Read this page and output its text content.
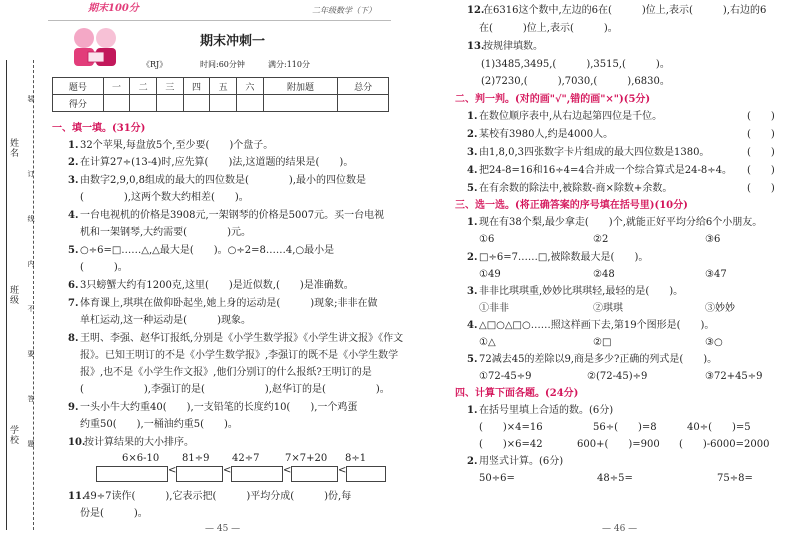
姓名
班级
学校
装
订
线
内
不
要
答
题
期末100分	二年级数学（下）
期末冲刺一
《RJ》	时间:60分钟	满分:110分
题号	一	二	三	四	五	六	附加题	总分
得分								
一、填一填。(31分)
1. 32个苹果,每盘放5个,至少要(　　)个盘子。
2. 在计算27÷(13-4)时,应先算(　　)法,这道题的结果是(　　)。
3. 由数字2,9,0,8组成的最大的四位数是(　　　　),最小的四位数是
(　　　　),这两个数大约相差(　　)。
4. 一台电视机的价格是3908元,一架钢琴的价格是5007元。买一台电视
机和一架钢琴,大约需要(　　　　)元。
5. ○÷6=□……△,△最大是(　　)。○÷2=8……4,○最小是
(　　　)。
6. 3只螃蟹大约有1200克,这里(　　)是近似数,(　　)是准确数。
7. 体育课上,琪琪在做仰卧起坐,她上身的运动是(　　　)现象;非非在做
单杠运动,这一种运动是(　　　)现象。
8. 王明、李强、赵华订报纸,分别是《小学生数学报》《小学生讲文报》《作文
报》。已知王明订的不是《小学生数学报》,李强订的既不是《小学生数学
报》,也不是《小学生作文报》,他们分别订的什么报纸?王明订的是
(　　　　　　),李强订的是(　　　　　　),赵华订的是(　　　　　)。
9. 一头小牛大约重40(　　),一支铅笔的长度约10(　　),一个鸡蛋
约重50(　　),一桶油约重5(　　)。
10.
按计算结果的大小排序。
6×6-10 81÷9 42÷7	7×7+20 8÷1
<	<	<	<
11.
49÷7读作(　　　),它表示把(　　　)平均分成(　　　)份,每
份是(　　　)。
— 45 —
12.
在6316这个数中,左边的6在(　　　)位上,表示(　　　),右边的6
在(　　　)位上,表示(　　　)。
13.
按规律填数。
(1)3485,3495,(　　　),3515,(　　　)。
(2)7230,(　　　),7030,(　　　),6830。
二、判一判。(对的画"√",错的画"×")(5分)
1. 在数位顺序表中,从右边起第四位是千位。	(　　)
2. 某校有3980人,约是4000人。	(　　)
3. 由1,8,0,3四张数字卡片组成的最大四位数是1380。	(　　)
4. 把24-8=16和16÷4=4合并成一个综合算式是24-8÷4。 (　　)
5. 在有余数的除法中,被除数-商×除数+余数。	(　　)
三、选一选。(将正确答案的序号填在括号里)(10分)
1. 现在有38个梨,最少拿走(　　)个,就能正好平均分给6个小朋友。
①6	②2	③6
2. □÷6=7……□,被除数最大是(　　)。
①49	②48	③47
3. 非非比琪琪重,妙妙比琪琪轻,最轻的是(　　)。
①非非	②琪琪	③妙妙
4. △□○△□○……照这样画下去,第19个图形是(　　)。
①△	②□	③○
5. 72减去45的差除以9,商是多少?正确的列式是(　　)。
①72-45÷9	②(72-45)÷9	③72+45÷9
四、计算下面各题。(24分)
1. 在括号里填上合适的数。(6分)
(　　)×4=16	56÷(　　)=8	40÷(　　)=5
(　　)×6=42	600+(　　)=900 (　　)-6000=2000
2. 用竖式计算。(6分)
50÷6=	48÷5=	75÷8=
— 46 —
